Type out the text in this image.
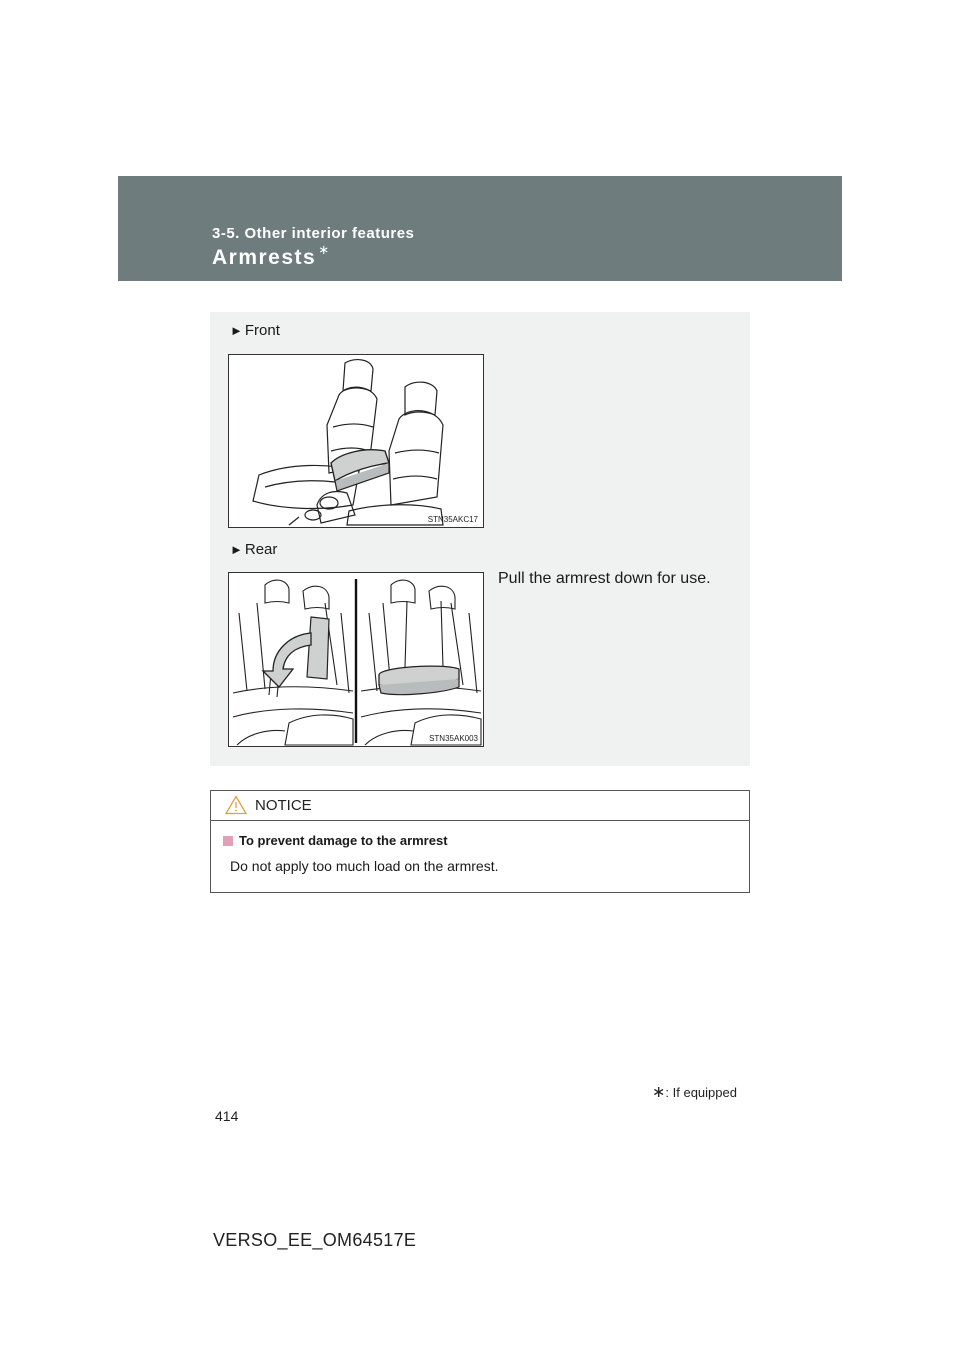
3-5. Other interior features
Armrests ∗
► Front
STN35AKC17
► Rear
STN35AK003
Pull the armrest down for use.
NOTICE
To prevent damage to the armrest
Do not apply too much load on the armrest.
∗: If equipped
414
VERSO_EE_OM64517E
